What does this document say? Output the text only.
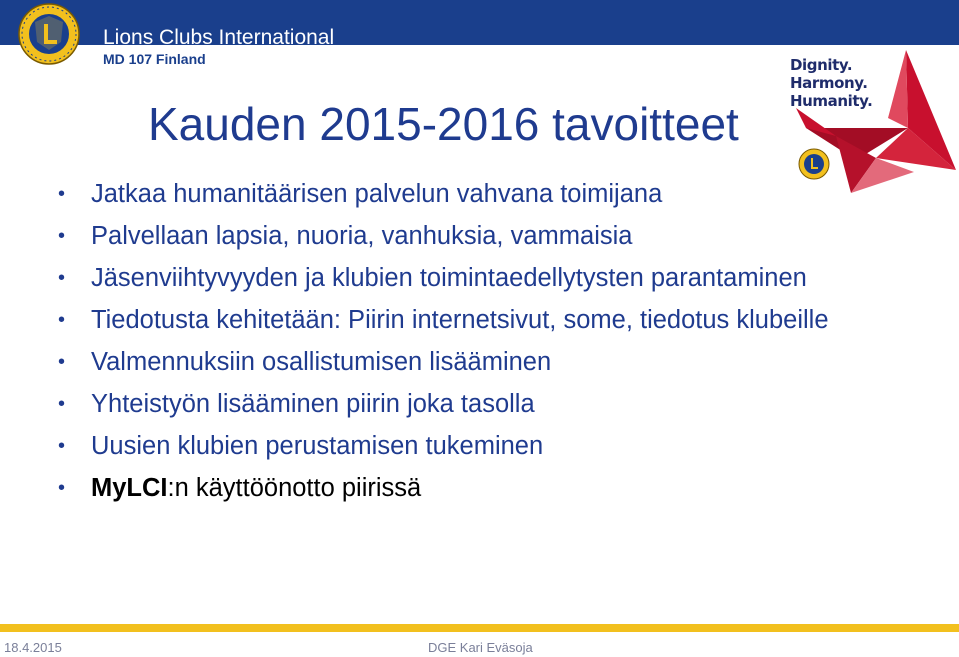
Lions Clubs International
MD 107 Finland	Dignity.
Harmony.
Humanity.
Kauden 2015-2016 tavoitteet
• Jatkaa humanitäärisen palvelun vahvana toimijana
• Palvellaan lapsia, nuoria, vanhuksia, vammaisia
• Jäsenviihtyvyyden ja klubien toimintaedellytysten parantaminen
• Tiedotusta kehitetään: Piirin internetsivut, some, tiedotus klubeille
• Valmennuksiin osallistumisen lisääminen
• Yhteistyön lisääminen piirin joka tasolla
• Uusien klubien perustamisen tukeminen
• MyLCI:n käyttöönotto piirissä
18.4.2015	DGE Kari Eväsoja
